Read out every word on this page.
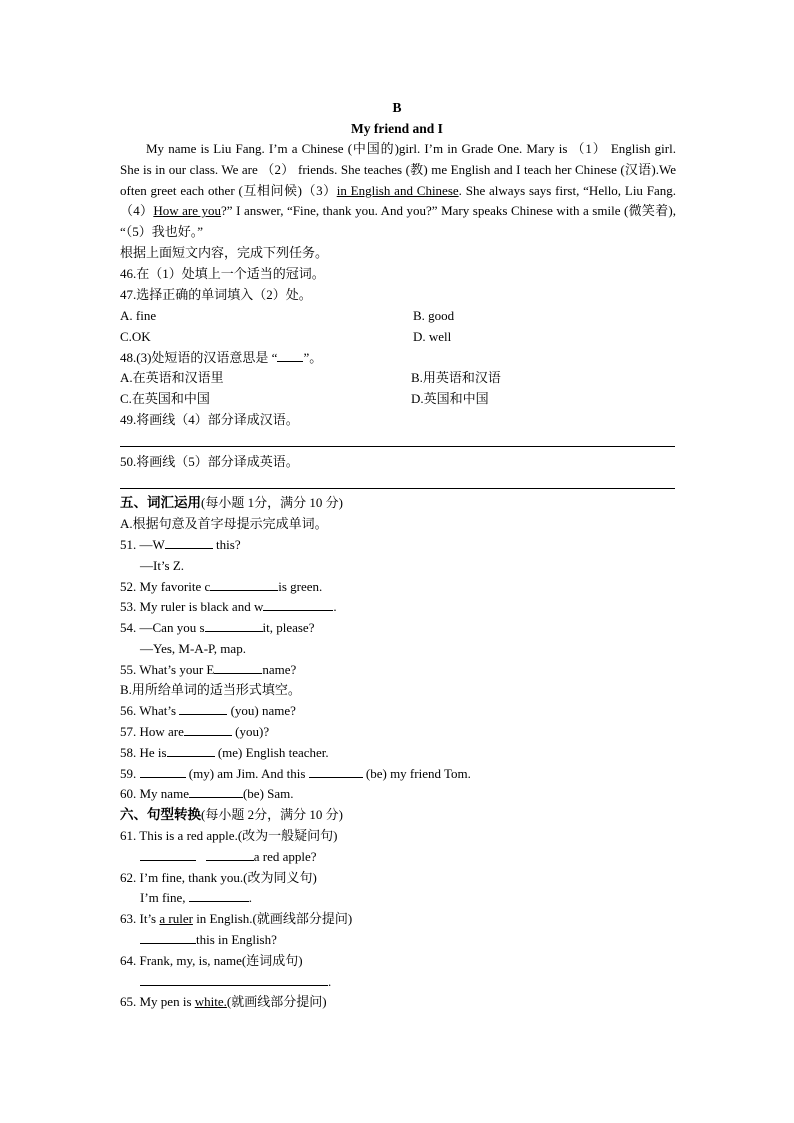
B
My friend and I
My name is Liu Fang. I’m a Chinese (中国的)girl. I’m in Grade One. Mary is （1） English girl. She is in our class. We are （2） friends. She teaches (教) me English and I teach her Chinese (汉语).We often greet each other (互相问候)（3）in English and Chinese. She always says first, “Hello, Liu Fang.（4）How are you?” I answer, “Fine, thank you. And you?” Mary speaks Chinese with a smile (微笑着), “（5）我也好。”
根据上面短文内容，完成下列任务。
46.在（1）处填上一个适当的冠词。
47.选择正确的单词填入（2）处。
A. fine	B. good
C.OK	D. well
48.(3)处短语的汉语意思是 “ ”。
A.在英语和汉语里	B.用英语和汉语
C.在英国和中国	D.英国和中国
49.将画线（4）部分译成汉语。
50.将画线（5）部分译成英语。
五、词汇运用(每小题 1分，满分 10 分)
A.根据句意及首字母提示完成单词。
51. —W	this?
—It’s Z.
52. My favorite c	is green.
53. My ruler is black and w	.
54. —Can you s	it, please?
—Yes, M-A-P, map.
55. What’s your E	name?
B.用所给单词的适当形式填空。
56. What’s	(you) name?
57. How are	(you)?
58. He is	(me) English teacher.
59.	(my) am Jim. And this	(be) my friend Tom.
60. My name	(be) Sam.
六、句型转换(每小题 2分，满分 10 分)
61. This is a red apple.(改为一般疑问句)
a red apple?
62. I’m fine, thank you.(改为同义句)
I’m fine,	.
63. It’s a ruler in English.(就画线部分提问)
this in English?
64. Frank, my, is, name(连词成句)
.
65. My pen is white.(就画线部分提问)
